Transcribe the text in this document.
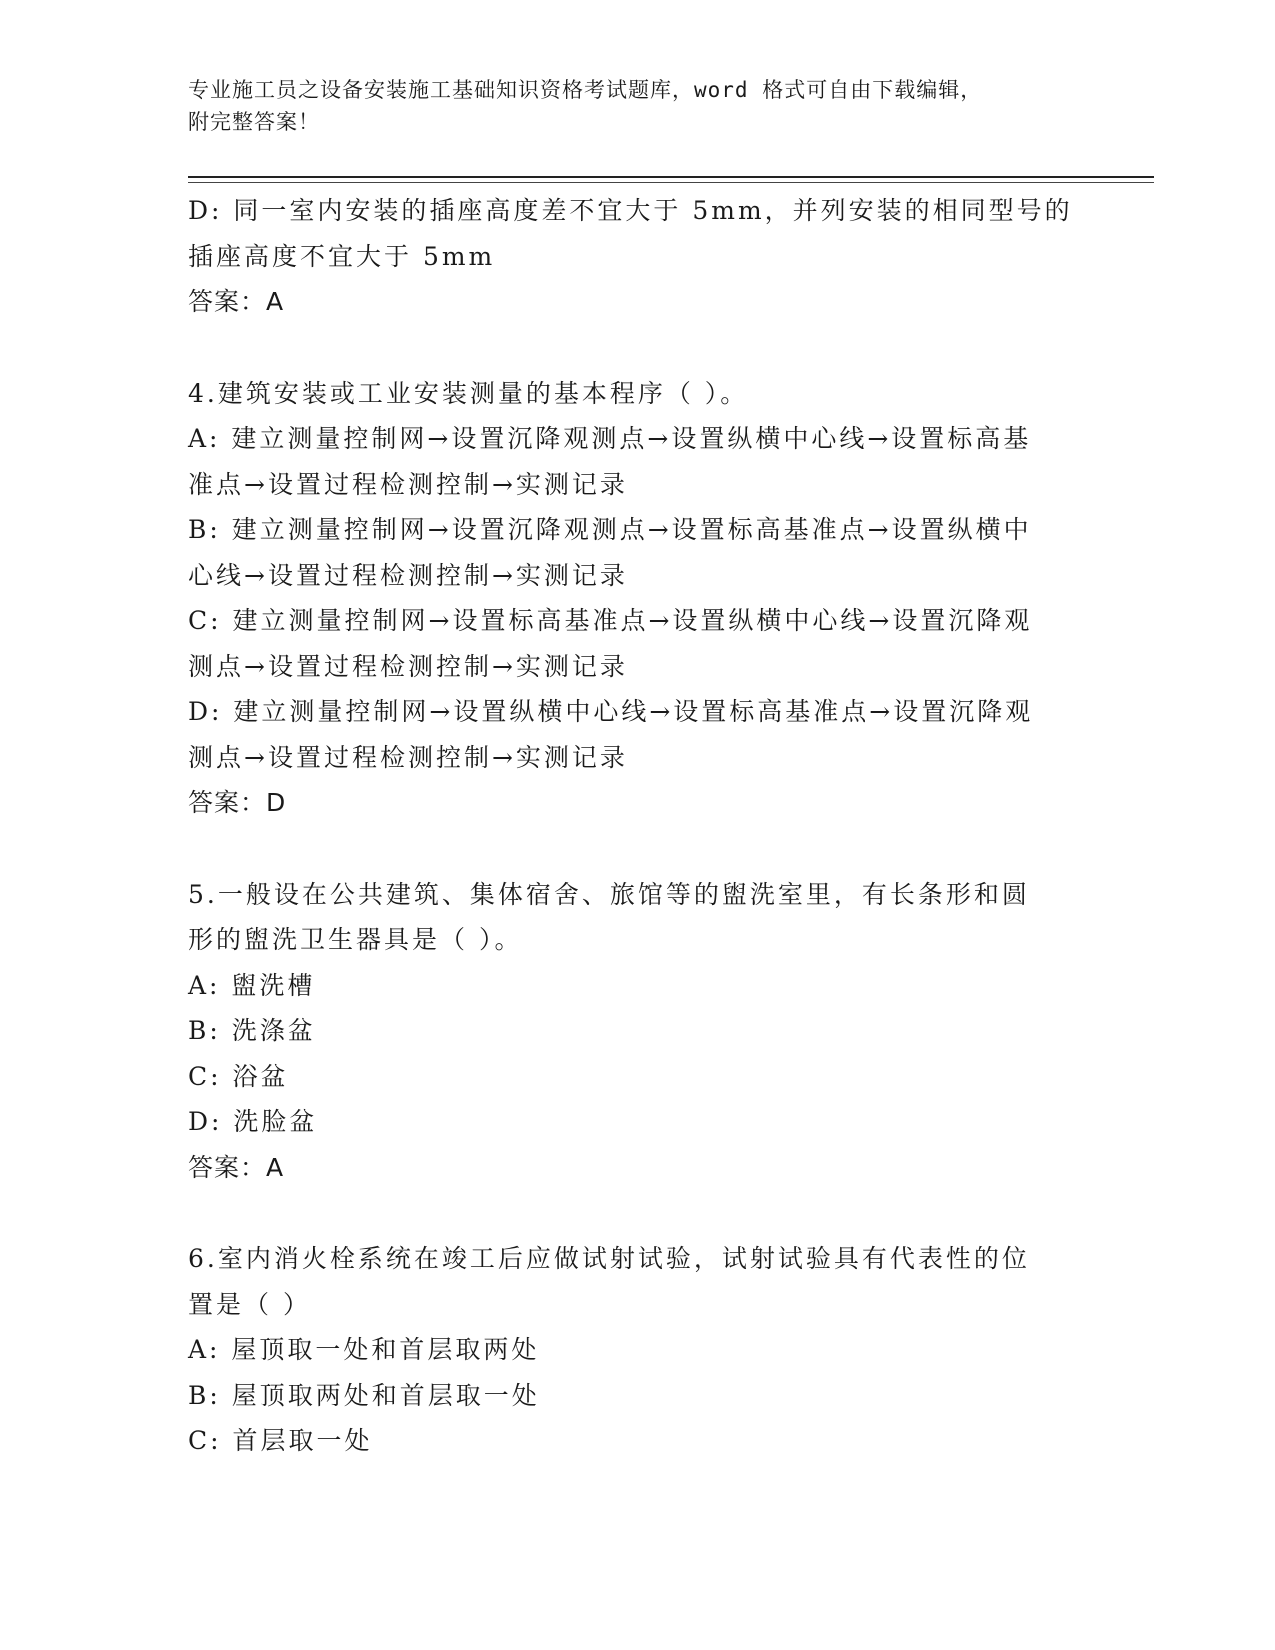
专业施工员之设备安装施工基础知识资格考试题库，word 格式可自由下载编辑，
附完整答案！
D: 同一室内安装的插座高度差不宜大于 5mm，并列安装的相同型号的
插座高度不宜大于 5mm
答案：A
4.建筑安装或工业安装测量的基本程序（ ）。
A: 建立测量控制网→设置沉降观测点→设置纵横中心线→设置标高基
准点→设置过程检测控制→实测记录
B: 建立测量控制网→设置沉降观测点→设置标高基准点→设置纵横中
心线→设置过程检测控制→实测记录
C: 建立测量控制网→设置标高基准点→设置纵横中心线→设置沉降观
测点→设置过程检测控制→实测记录
D: 建立测量控制网→设置纵横中心线→设置标高基准点→设置沉降观
测点→设置过程检测控制→实测记录
答案：D
5.一般设在公共建筑、集体宿舍、旅馆等的盥洗室里，有长条形和圆
形的盥洗卫生器具是（ ）。
A: 盥洗槽
B: 洗涤盆
C: 浴盆
D: 洗脸盆
答案：A
6.室内消火栓系统在竣工后应做试射试验，试射试验具有代表性的位
置是（ ）
A: 屋顶取一处和首层取两处
B: 屋顶取两处和首层取一处
C: 首层取一处
